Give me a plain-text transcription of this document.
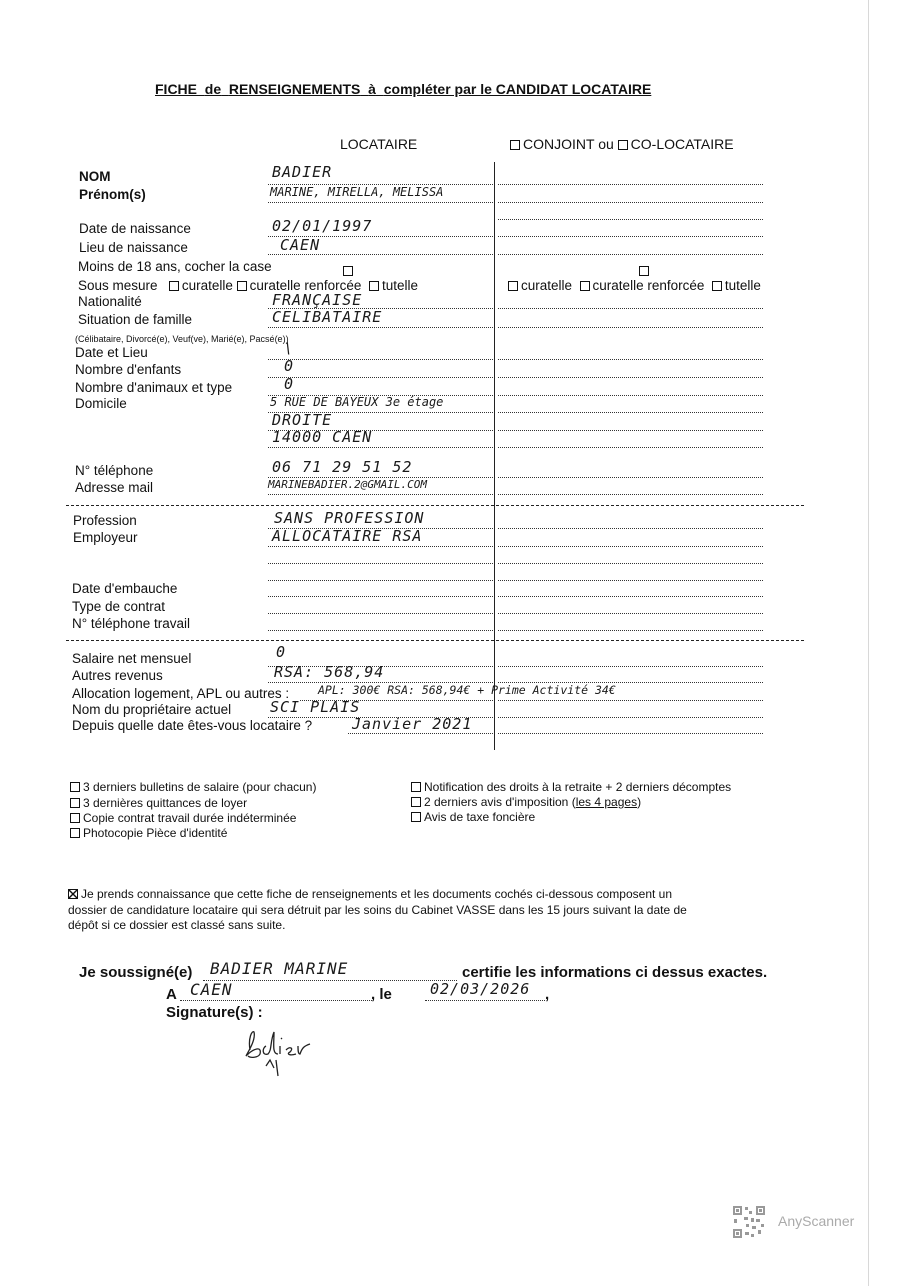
FICHE de RENSEIGNEMENTS à compléter par le CANDIDAT LOCATAIRE
LOCATAIRE	CONJOINT ou CO-LOCATAIRE
NOM	BADIER
Prénom(s)	MARINE, MIRELLA, MELISSA
Date de naissance	02/01/1997
Lieu de naissance	CAEN
Moins de 18 ans, cocher la case
Sous mesure curatelle curatelle renforcée tutelle	curatelle curatelle renforcée tutelle
Nationalité	FRANÇAISE
Situation de famille	CELIBATAIRE
(Célibataire, Divorcé(e), Veuf(ve), Marié(e), Pacsé(e))
Date et Lieu	\
Nombre d'enfants	0
Nombre d'animaux et type	0
Domicile	5 RUE DE BAYEUX 3e étage
DROITE
14000 CAEN
N° téléphone	06 71 29 51 52
Adresse mail	MARINEBADIER.2@GMAIL.COM
Profession	SANS PROFESSION
Employeur	ALLOCATAIRE RSA
Date d'embauche
Type de contrat
N° téléphone travail
Salaire net mensuel	0
Autres revenus	RSA: 568,94
Allocation logement, APL ou autres :	APL: 300€ RSA: 568,94€ + Prime Activité 34€
Nom du propriétaire actuel	SCI PLAIS
Depuis quelle date êtes-vous locataire ?	Janvier 2021
3 derniers bulletins de salaire (pour chacun)
3 dernières quittances de loyer
Copie contrat travail durée indéterminée
Photocopie Pièce d'identité
Notification des droits à la retraite + 2 derniers décomptes
2 derniers avis d'imposition (les 4 pages)
Avis de taxe foncière
Je prends connaissance que cette fiche de renseignements et les documents cochés ci-dessous composent un
dossier de candidature locataire qui sera détruit par les soins du Cabinet VASSE dans les 15 jours suivant la date de
dépôt si ce dossier est classé sans suite.
Je soussigné(e) BADIER MARINE	certifie les informations ci dessus exactes.
A CAEN	, le	02/03/2026 ,
Signature(s) :
AnyScanner
